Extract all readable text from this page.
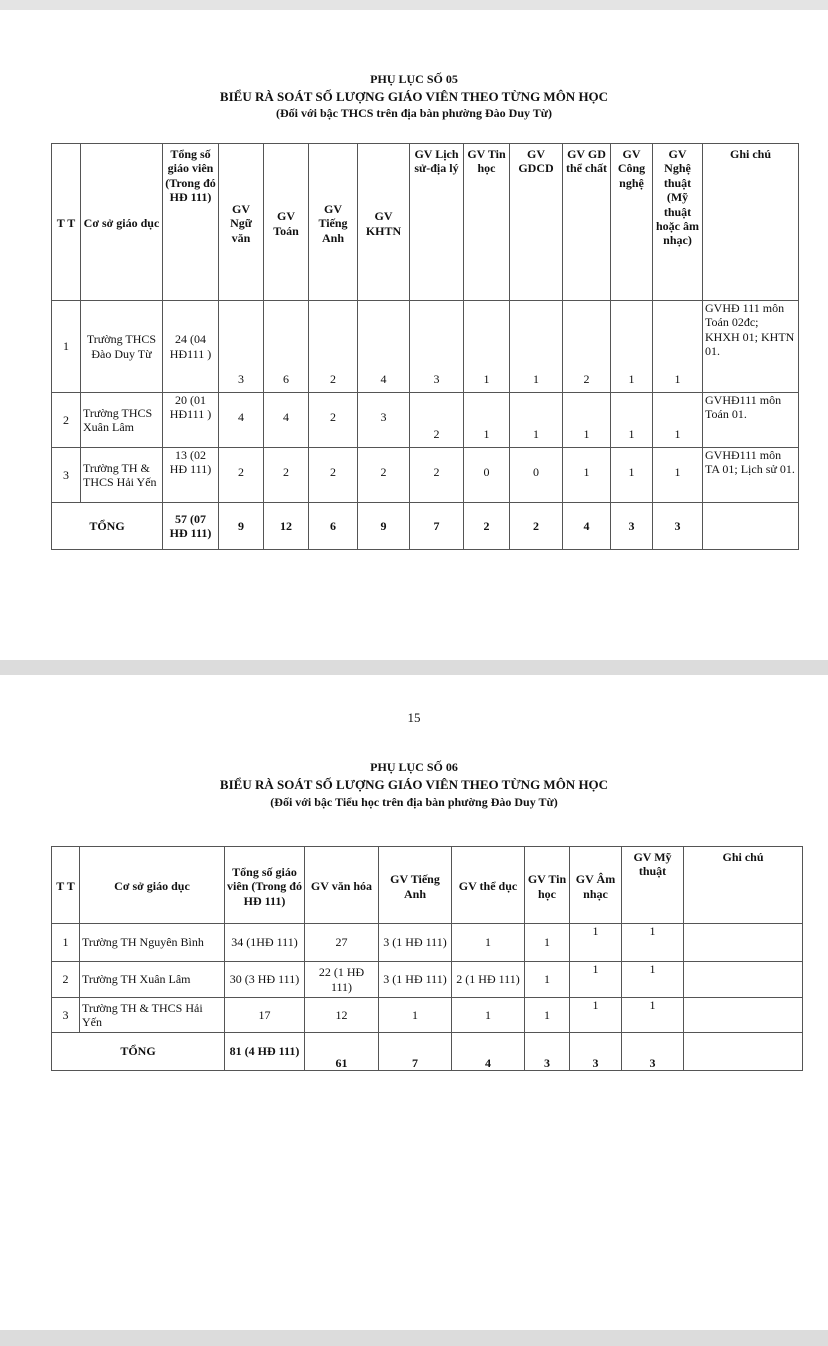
PHỤ LỤC SỐ 05
BIỂU RÀ SOÁT SỐ LƯỢNG GIÁO VIÊN THEO TỪNG MÔN HỌC
(Đối với bậc THCS trên địa bàn phường Đào Duy Từ)
T T	Cơ sở giáo dục	Tổng số giáo viên (Trong đó HĐ 111)	GV Ngữ văn	GV Toán	GV Tiếng Anh	GV KHTN	GV Lịch sử-địa lý	GV Tin học	GV GDCD	GV GD thể chất	GV Công nghệ	GV Nghệ thuật (Mỹ thuật hoặc âm nhạc)	Ghi chú
1	Trường THCS Đào Duy Từ	24 (04 HĐ111 )	3	6	2	4	3	1	1	2	1	1	GVHĐ 111 môn Toán 02đc; KHXH 01; KHTN 01.
2	Trường THCS Xuân Lâm	20 (01 HĐ111 )	4	4	2	3	2	1	1	1	1	1	GVHĐ111 môn Toán 01.
3	Trường TH & THCS Hải Yến	13 (02 HĐ 111)	2	2	2	2	2	0	0	1	1	1	GVHĐ111 môn TA 01; Lịch sử 01.
TỔNG		57 (07 HĐ 111)	9	12	6	9	7	2	2	4	3	3	
15
PHỤ LỤC SỐ 06
BIỂU RÀ SOÁT SỐ LƯỢNG GIÁO VIÊN THEO TỪNG MÔN HỌC
(Đối với bậc Tiểu học trên địa bàn phường Đào Duy Từ)
T T	Cơ sở giáo dục	Tổng số giáo viên (Trong đó HĐ 111)	GV văn hóa	GV Tiếng Anh	GV thể dục	GV Tin học	GV Âm nhạc	GV Mỹ thuật	Ghi chú
1	Trường TH Nguyên Bình	34 (1HĐ 111)	27	3 (1 HĐ 111)	1	1	1	1	
2	Trường TH Xuân Lâm	30 (3 HĐ 111)	22 (1 HĐ 111)	3 (1 HĐ 111)	2 (1 HĐ 111)	1	1	1	
3	Trường TH & THCS Hải Yến	17	12	1	1	1	1	1	
TỔNG		81 (4 HĐ 111)	61	7	4	3	3	3	
